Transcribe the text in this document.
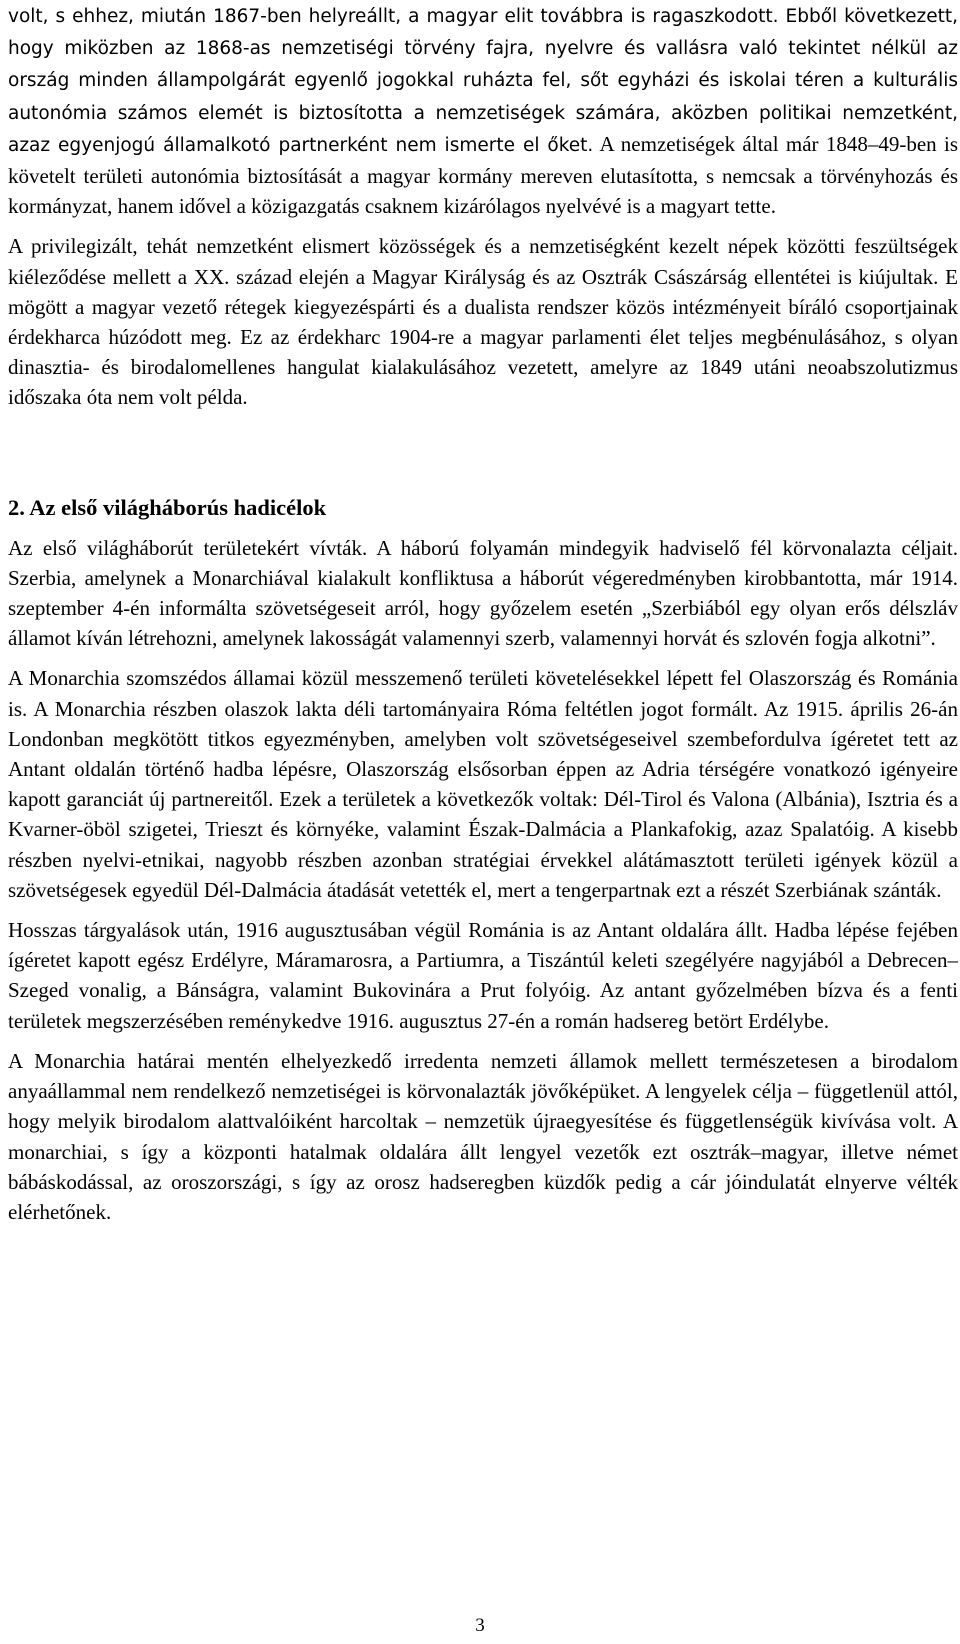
volt, s ehhez, miután 1867-ben helyreállt, a magyar elit továbbra is ragaszkodott. Ebből következett, hogy miközben az 1868-as nemzetiségi törvény fajra, nyelvre és vallásra való tekintet nélkül az ország minden állampolgárát egyenlő jogokkal ruházta fel, sőt egyházi és iskolai téren a kulturális autonómia számos elemét is biztosította a nemzetiségek számára, aközben politikai nemzetként, azaz egyenjogú államalkotó partnerként nem ismerte el őket. A nemzetiségek által már 1848–49-ben is követelt területi autonómia biztosítását a magyar kormány mereven elutasította, s nemcsak a törvényhozás és kormányzat, hanem idővel a közigazgatás csaknem kizárólagos nyelvévé is a magyart tette.

A privilegizált, tehát nemzetként elismert közösségek és a nemzetiségként kezelt népek közötti feszültségek kiéleződése mellett a XX. század elején a Magyar Királyság és az Osztrák Császárság ellentétei is kiújultak. E mögött a magyar vezető rétegek kiegyezéspárti és a dualista rendszer közös intézményeit bíráló csoportjainak érdekharca húzódott meg. Ez az érdekharc 1904-re a magyar parlamenti élet teljes megbénulásához, s olyan dinasztia- és birodalomellenes hangulat kialakulásához vezetett, amelyre az 1849 utáni neoabszolutizmus időszaka óta nem volt példa.

2. Az első világháborús hadicélok

Az első világháborút területekért vívták. A háború folyamán mindegyik hadviselő fél körvonalazta céljait. Szerbia, amelynek a Monarchiával kialakult konfliktusa a háborút végeredményben kirobbantotta, már 1914. szeptember 4-én informálta szövetségeseit arról, hogy győzelem esetén „Szerbiából egy olyan erős délszláv államot kíván létrehozni, amelynek lakosságát valamennyi szerb, valamennyi horvát és szlovén fogja alkotni”.

A Monarchia szomszédos államai közül messzemenő területi követelésekkel lépett fel Olaszország és Románia is. A Monarchia részben olaszok lakta déli tartományaira Róma feltétlen jogot formált. Az 1915. április 26-án Londonban megkötött titkos egyezményben, amelyben volt szövetségeseivel szembefordulva ígéretet tett az Antant oldalán történő hadba lépésre, Olaszország elsősorban éppen az Adria térségére vonatkozó igényeire kapott garanciát új partnereitől. Ezek a területek a következők voltak: Dél-Tirol és Valona (Albánia), Isztria és a Kvarner-öböl szigetei, Trieszt és környéke, valamint Észak-Dalmácia a Plankafokig, azaz Spalatóig. A kisebb részben nyelvi-etnikai, nagyobb részben azonban stratégiai érvekkel alátámasztott területi igények közül a szövetségesek egyedül Dél-Dalmácia átadását vetették el, mert a tengerpartnak ezt a részét Szerbiának szánták.

Hosszas tárgyalások után, 1916 augusztusában végül Románia is az Antant oldalára állt. Hadba lépése fejében ígéretet kapott egész Erdélyre, Máramarosra, a Partiumra, a Tiszántúl keleti szegélyére nagyjából a Debrecen–Szeged vonalig, a Bánságra, valamint Bukovinára a Prut folyóig. Az antant győzelmében bízva és a fenti területek megszerzésében reménykedve 1916. augusztus 27-én a román hadsereg betört Erdélybe.

A Monarchia határai mentén elhelyezkedő irredenta nemzeti államok mellett természetesen a birodalom anyaállammal nem rendelkező nemzetiségei is körvonalazták jövőképüket. A lengyelek célja – függetlenül attól, hogy melyik birodalom alattvalóiként harcoltak – nemzetük újraegyesítése és függetlenségük kivívása volt. A monarchiai, s így a központi hatalmak oldalára állt lengyel vezetők ezt osztrák–magyar, illetve német bábáskodással, az oroszországi, s így az orosz hadseregben küzdők pedig a cár jóindulatát elnyerve vélték elérhetőnek.

3
